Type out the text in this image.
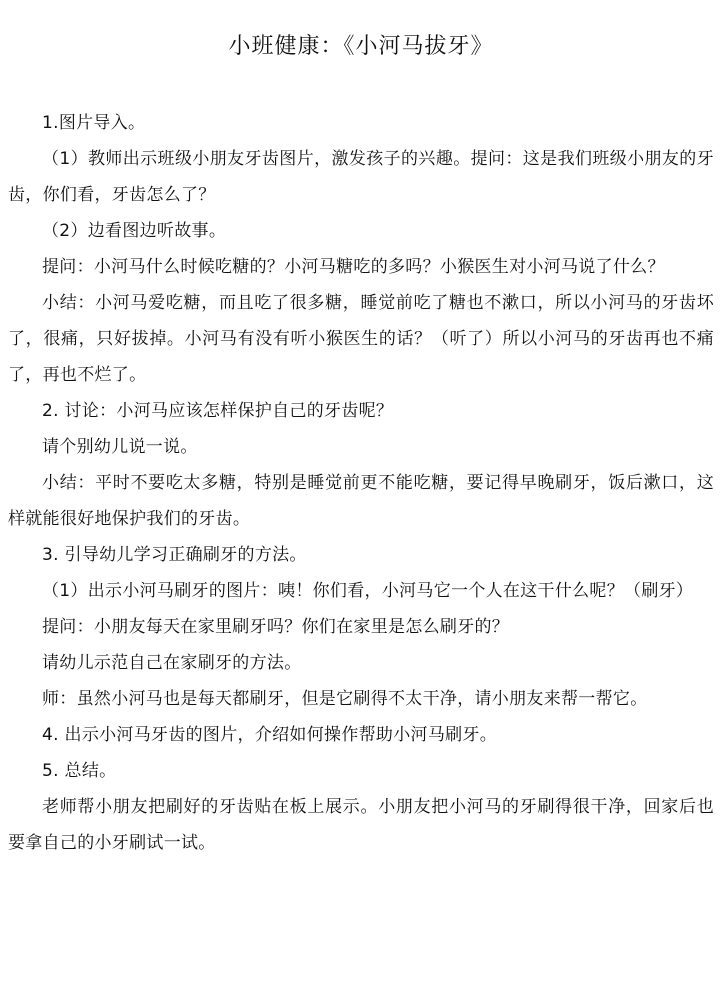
小班健康：《小河马拔牙》

1.图片导入。

（1）教师出示班级小朋友牙齿图片，激发孩子的兴趣。提问：这是我们班级小朋友的牙齿，你们看，牙齿怎么了？

（2）边看图边听故事。

提问：小河马什么时候吃糖的？小河马糖吃的多吗？小猴医生对小河马说了什么？

小结：小河马爱吃糖，而且吃了很多糖，睡觉前吃了糖也不漱口，所以小河马的牙齿坏了，很痛，只好拔掉。小河马有没有听小猴医生的话？（听了）所以小河马的牙齿再也不痛了，再也不烂了。

2. 讨论：小河马应该怎样保护自己的牙齿呢？

请个别幼儿说一说。

小结：平时不要吃太多糖，特别是睡觉前更不能吃糖，要记得早晚刷牙，饭后漱口，这样就能很好地保护我们的牙齿。

3. 引导幼儿学习正确刷牙的方法。

（1）出示小河马刷牙的图片：咦！你们看，小河马它一个人在这干什么呢？（刷牙）

提问：小朋友每天在家里刷牙吗？你们在家里是怎么刷牙的？

请幼儿示范自己在家刷牙的方法。

师：虽然小河马也是每天都刷牙，但是它刷得不太干净，请小朋友来帮一帮它。

4. 出示小河马牙齿的图片，介绍如何操作帮助小河马刷牙。

5. 总结。

老师帮小朋友把刷好的牙齿贴在板上展示。小朋友把小河马的牙刷得很干净，回家后也要拿自己的小牙刷试一试。
